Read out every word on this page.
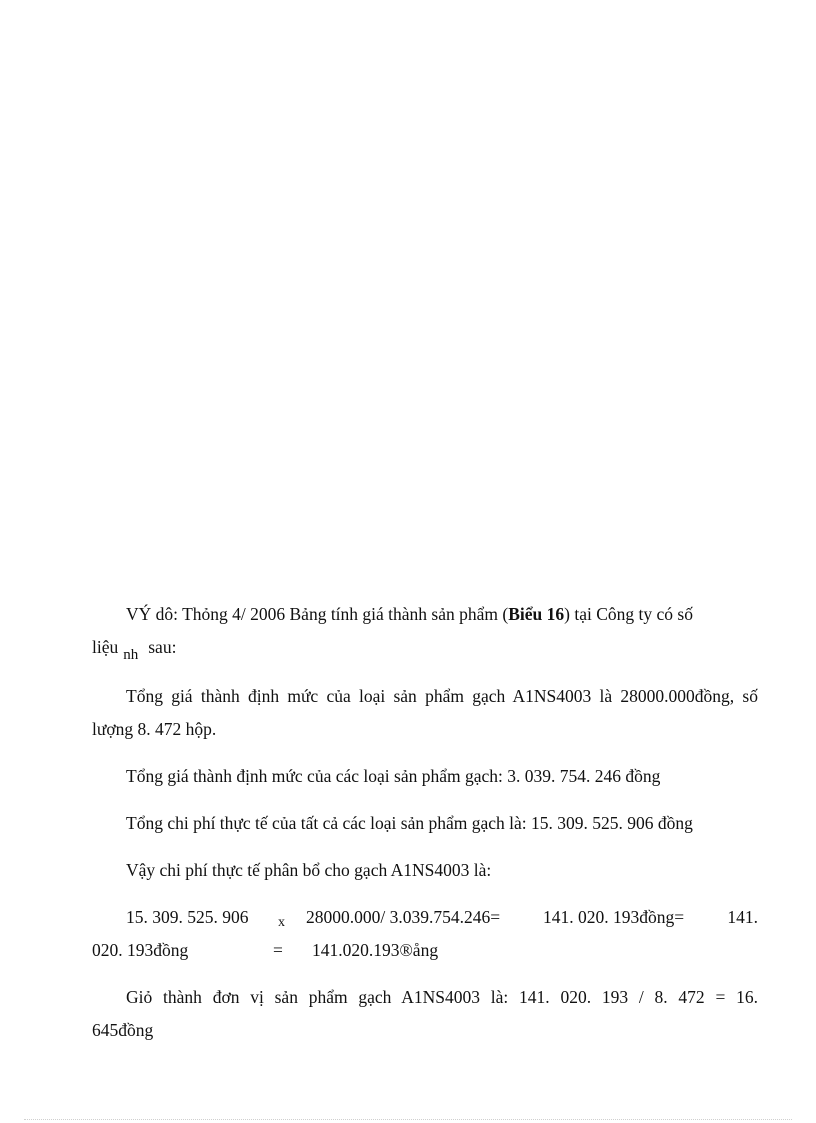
VÝ dô: Thỏng 4/ 2006 Bảng tính giá thành sản phẩm (Biểu 16) tại Công ty có số
liệu nh sau:

Tổng giá thành định mức của loại sản phẩm gạch A1NS4003 là 28000.000đồng, số
lượng 8. 472 hộp.

Tổng giá thành định mức của các loại sản phẩm gạch: 3. 039. 754. 246 đồng

Tổng chi phí thực tế của tất cả các loại sản phẩm gạch là: 15. 309. 525. 906 đồng

Vậy chi phí thực tế phân bổ cho gạch A1NS4003 là:

15. 309. 525. 906 x 28000.000/ 3.039.754.246= 141. 020. 193đồng= 141.
020. 193đồng	= 141.020.193®ång

Giỏ thành đơn vị sản phẩm gạch A1NS4003 là: 141. 020. 193 / 8. 472 = 16.
645đồng
